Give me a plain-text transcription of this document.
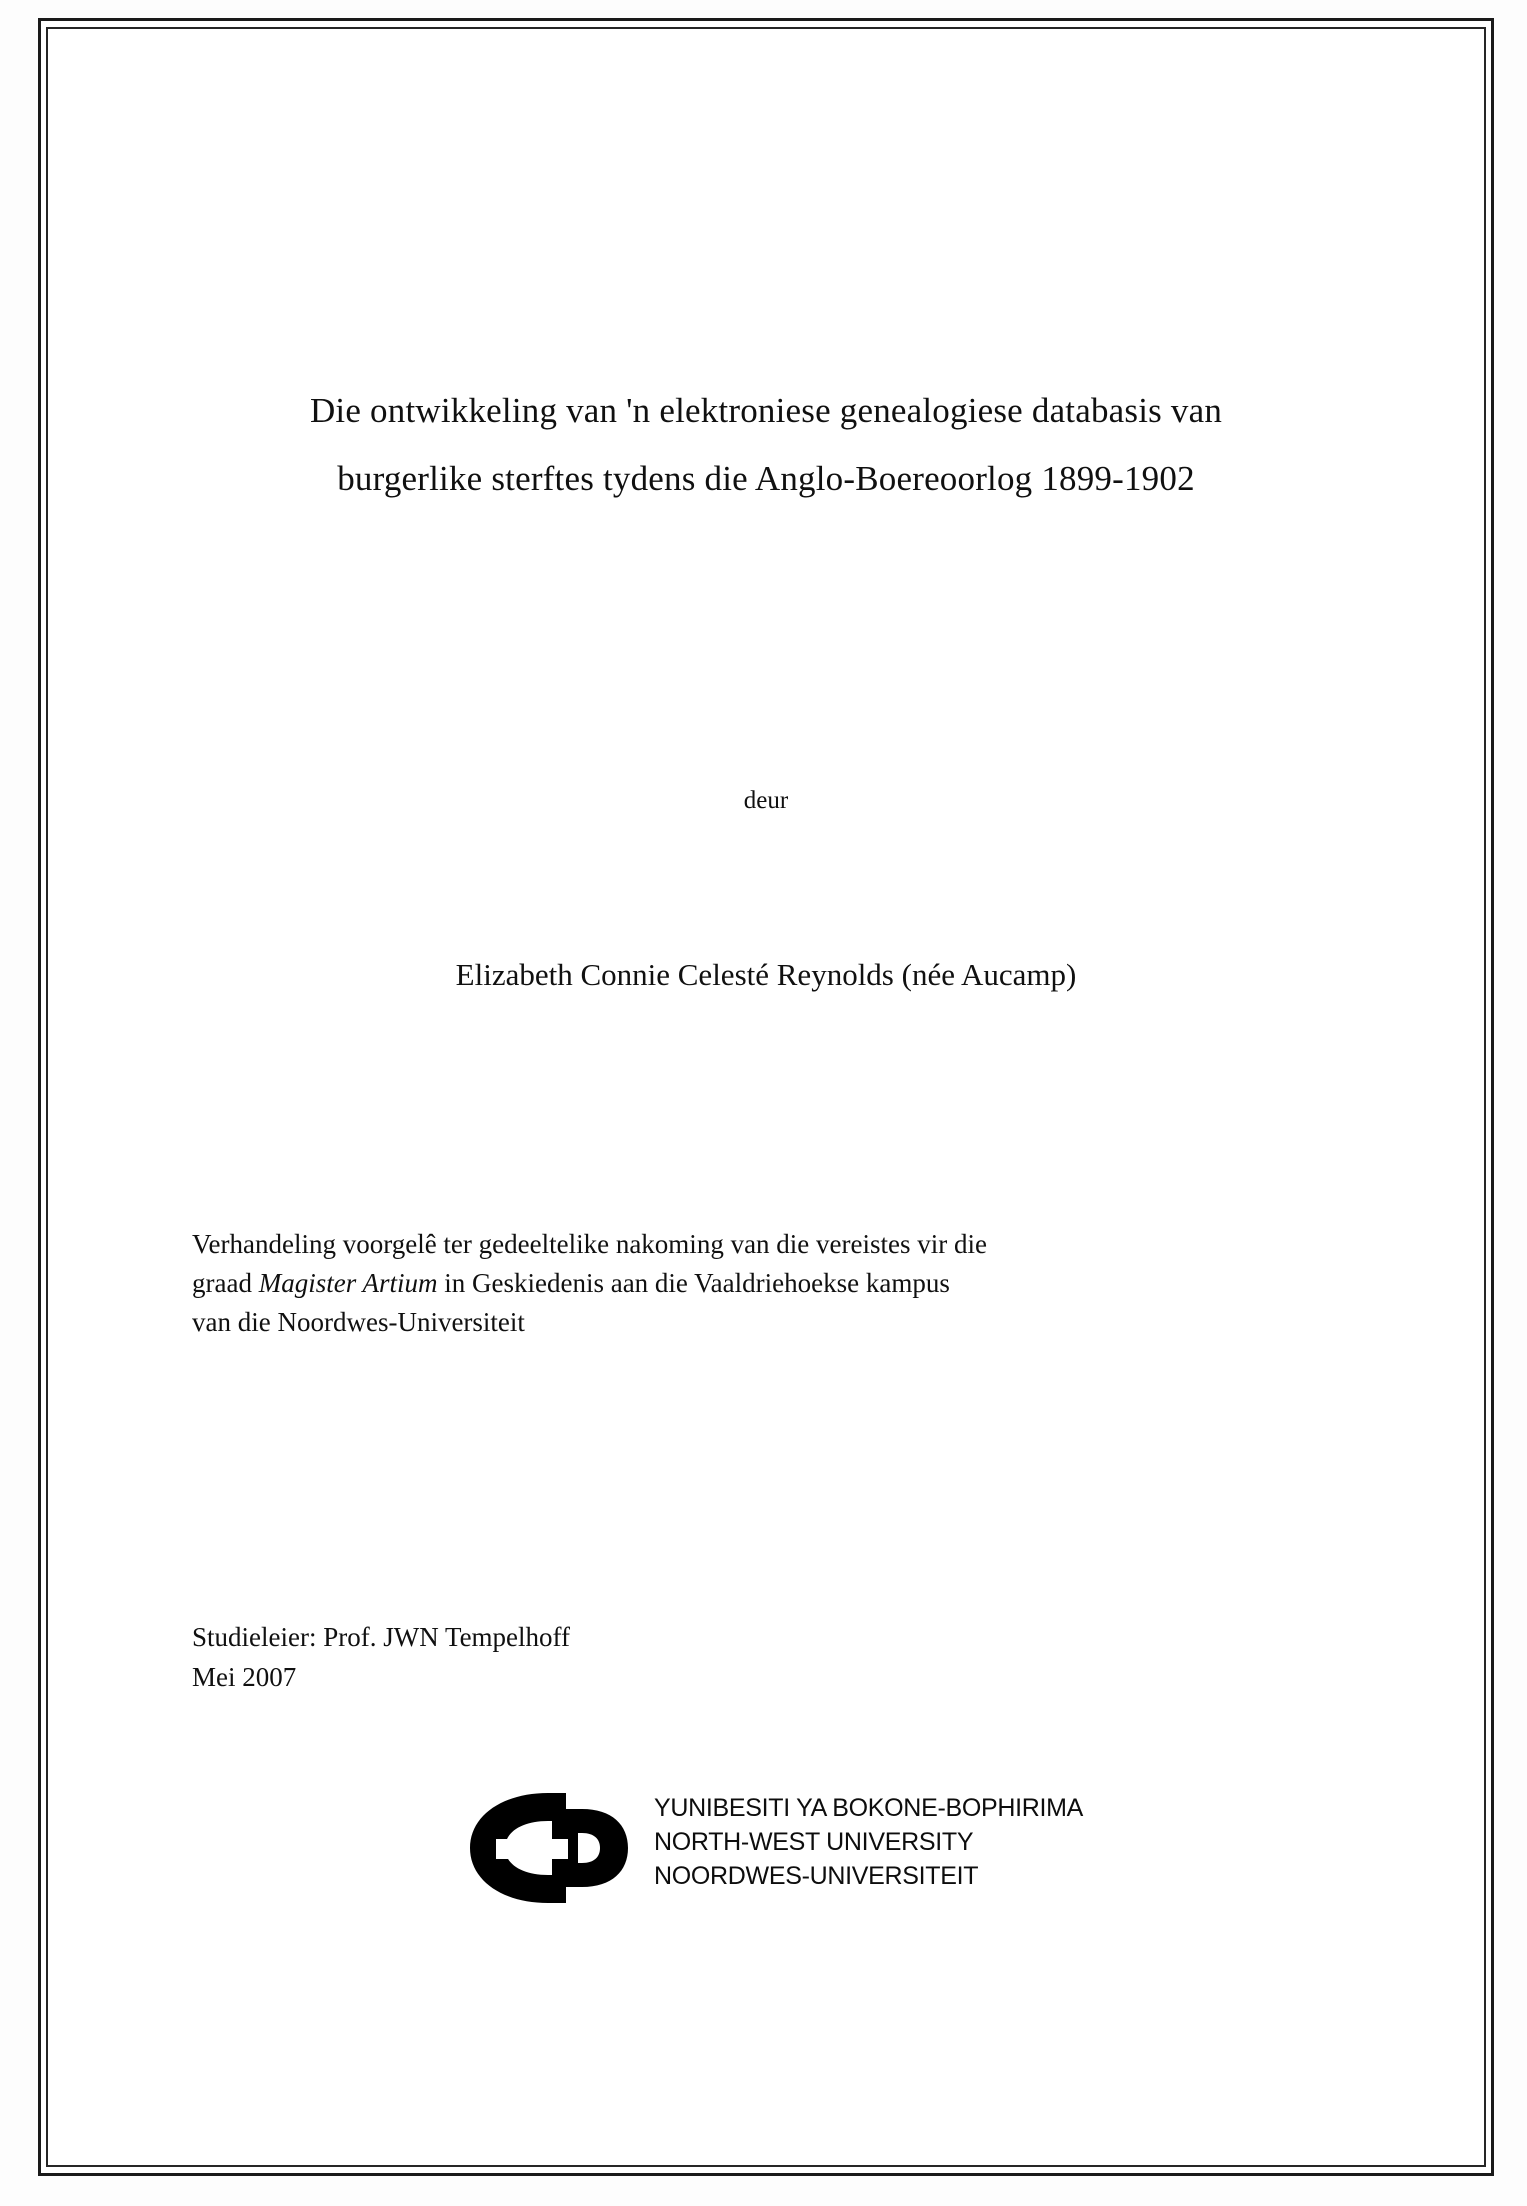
Die ontwikkeling van 'n elektroniese genealogiese databasis van
burgerlike sterftes tydens die Anglo-Boereoorlog 1899-1902
deur
Elizabeth Connie Celesté Reynolds (née Aucamp)

Verhandeling voorgelê ter gedeeltelike nakoming van die vereistes vir die

graad Magister Artium in Geskiedenis aan die Vaaldriehoekse kampus

van die Noordwes-Universiteit

Studieleier: Prof. JWN Tempelhoff

Mei 2007

YUNIBESITI YA BOKONE-BOPHIRIMA
NORTH-WEST UNIVERSITY
NOORDWES-UNIVERSITEIT
